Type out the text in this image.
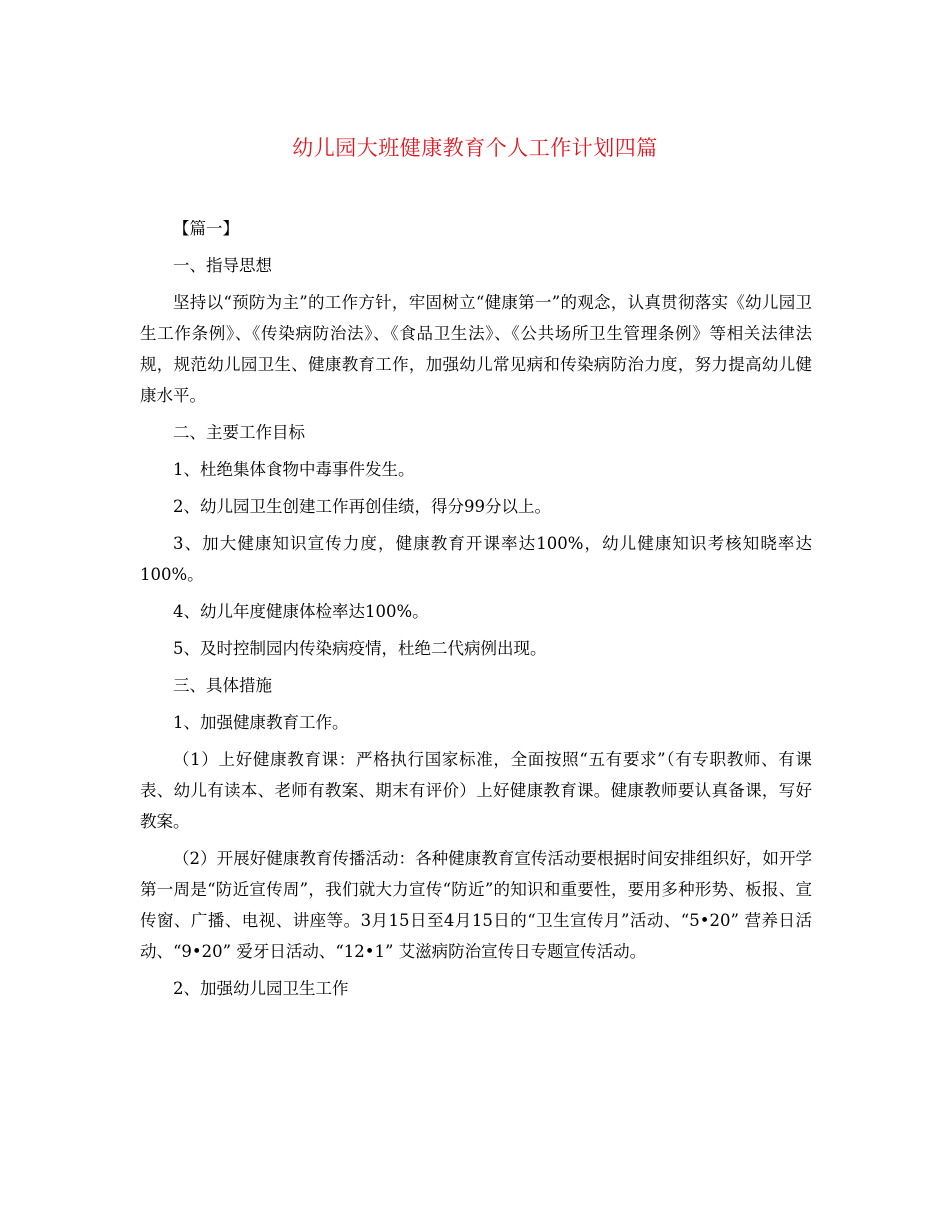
幼儿园大班健康教育个人工作计划四篇

【篇一】

一、指导思想

坚持以“预防为主”的工作方针，牢固树立“健康第一”的观念，认真贯彻落实《幼儿园卫生工作条例》、《传染病防治法》、《食品卫生法》、《公共场所卫生管理条例》等相关法律法规，规范幼儿园卫生、健康教育工作，加强幼儿常见病和传染病防治力度，努力提高幼儿健康水平。

二、主要工作目标

1、杜绝集体食物中毒事件发生。

2、幼儿园卫生创建工作再创佳绩，得分99分以上。

3、加大健康知识宣传力度，健康教育开课率达100%，幼儿健康知识考核知晓率达100%。

4、幼儿年度健康体检率达100%。

5、及时控制园内传染病疫情，杜绝二代病例出现。

三、具体措施

1、加强健康教育工作。

（1）上好健康教育课：严格执行国家标准，全面按照“五有要求”（有专职教师、有课表、幼儿有读本、老师有教案、期末有评价）上好健康教育课。健康教师要认真备课，写好教案。

（2）开展好健康教育传播活动：各种健康教育宣传活动要根据时间安排组织好，如开学第一周是“防近宣传周”，我们就大力宣传“防近”的知识和重要性，要用多种形势、板报、宣传窗、广播、电视、讲座等。3月15日至4月15日的“卫生宣传月”活动、“5•20” 营养日活动、“9•20” 爱牙日活动、“12•1” 艾滋病防治宣传日专题宣传活动。

2、加强幼儿园卫生工作
